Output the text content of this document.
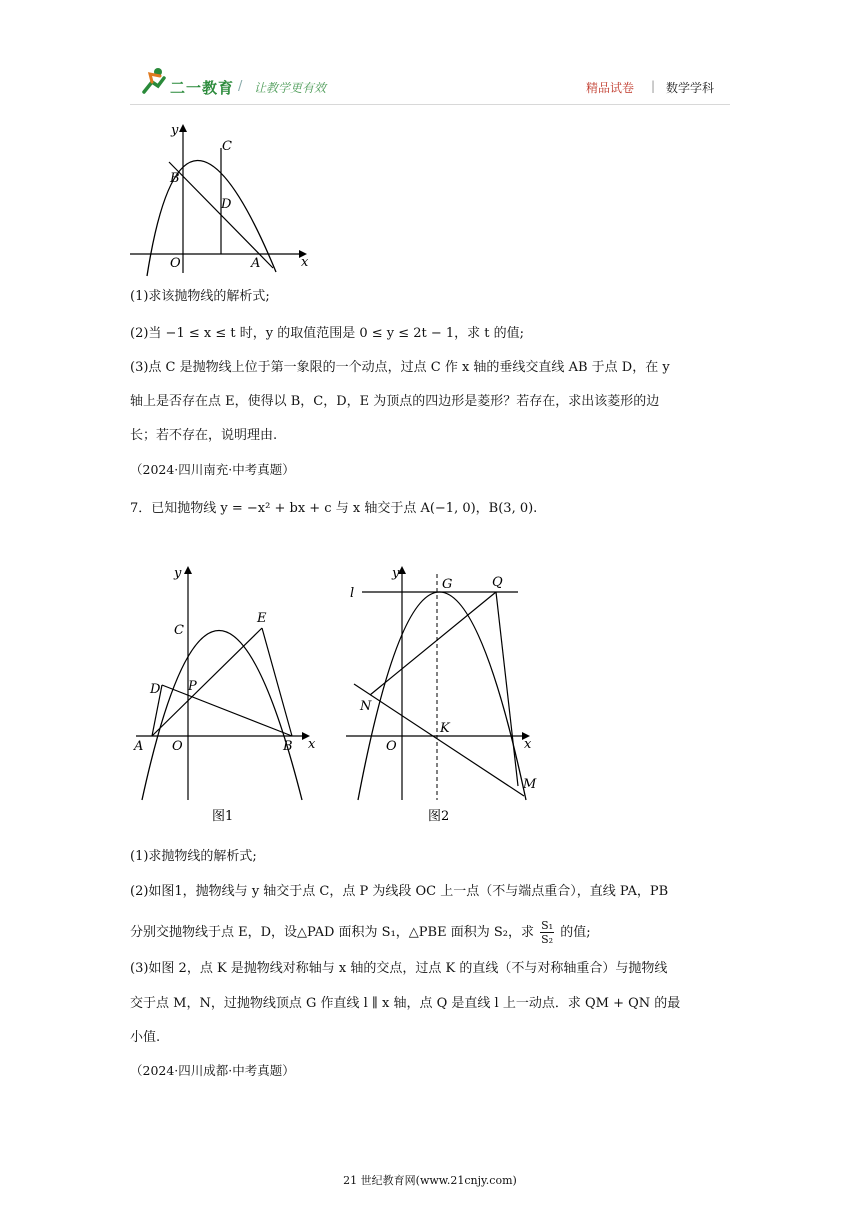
二一教育 / 让教学更有效	精品试卷 | 数学学科
y
C
B
D
O	A	x
(1)求该抛物线的解析式;
(2)当 −1 ≤ x ≤ t 时，y 的取值范围是 0 ≤ y ≤ 2t − 1，求 t 的值;
(3)点 C 是抛物线上位于第一象限的一个动点，过点 C 作 x 轴的垂线交直线 AB 于点 D，在 y
轴上是否存在点 E，使得以 B，C，D，E 为顶点的四边形是菱形？若存在，求出该菱形的边
长；若不存在，说明理由.
（2024·四川南充·中考真题）
7．已知抛物线 y = −x² + bx + c 与 x 轴交于点 A(−1, 0)，B(3, 0).
y
C
E
D P
A O	B x
图1
y
l
G	Q
N
K
O	x
M
图2
(1)求抛物线的解析式;
(2)如图1，抛物线与 y 轴交于点 C，点 P 为线段 OC 上一点（不与端点重合），直线 PA，PB
分别交抛物线于点 E，D，设△PAD 面积为 S₁，△PBE 面积为 S₂，求 $\frac{\text{S₁}}{\text{S₂}}$ 的值;
(3)如图 2，点 K 是抛物线对称轴与 x 轴的交点，过点 K 的直线（不与对称轴重合）与抛物线
交于点 M，N，过抛物线顶点 G 作直线 l ∥ x 轴，点 Q 是直线 l 上一动点．求 QM + QN 的最
小值.
（2024·四川成都·中考真题）
21 世纪教育网(www.21cnjy.com)
